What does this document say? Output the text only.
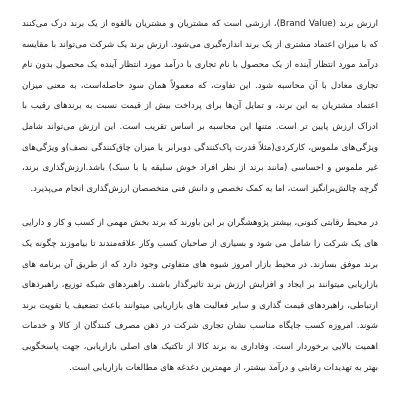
ارزش برند (Brand Value)، ارزشی است که مشتریان و مشتریان بالقوه از یک برند درک می‌کنند که با میزان اعتماد مشتری از یک برند اندازه‌گیری می‌شود. ارزش برند یک شرکت می‌تواند با مقایسه درآمد مورد انتظار آینده از یک محصول با نام تجاری با درآمد مورد انتظار آینده یک محصول بدون نام تجاری معادل با آن محاسبه شود. این تفاوت، که معمولاً همان سود حاصله‌است، به معنی میزان اعتماد مشتریان به این برند، و تمایل آن‌ها برای پرداخت بیش از قیمت نسبت به برندهای رقیب با ادراک ارزش پایین تر است. متنها این محاسبه بر اساس تقریب است. این ارزش می‌تواند شامل ویژگی‌های ملموس، کارکردی(مثلاً قدرت پاک‌کنندگی دوبرابر یا میزان چاق‌کنندگی نصف)و ویژگی‌های غیر ملموس و احساسی (مانند برند از نظر افراد خوش سلیقه یا با سبک) باشد.ارزش‌گذاری برند، گرچه چالش‌برانگیز است، اما به کمک تخصص و دانش فنی متخصصان ارزش‌گذاری انجام می‌پذیرد.

در محیط رقابتی کنونی، بیشتر پژوهشگران بر این باورند که برند بخش مهمی از کسب و کار و دارایی های یک شرکت را شامل می شود و بسیاری از صاحبان کسب وکار علاقه‌مندند تا بیاموزند چگونه یک برند موفق بسازند. در محیط بازار امروز شیوه های متفاوتی وجود دارد که از طریق آن برنامه های بازاریابی میتوانند بر ایجاد و افزایش ارزش برند تاثیرگذار باشند. راهبردهای شبکه توزیع، راهبردهای ارتباطی، راهبردهای قیمت گذاری و سایر فعالیت های بازاریابی میتوانند باعث تضعیف یا تقویت برند شوند. امروزه کسب جایگاه مناسب نشان تجاری شرکت در ذهن مصرف کنندگان از کالا و خدمات اهمیت بالایی برخوردار است. وفاداری به برند کالا از تاکتیک های اصلی بازاریابی، جهت پاسخگویی بهتر به تهدیدات رقابتی و درآمد بیشتر، از مهمترین دغدغه های مطالعات بازاریابی است.
